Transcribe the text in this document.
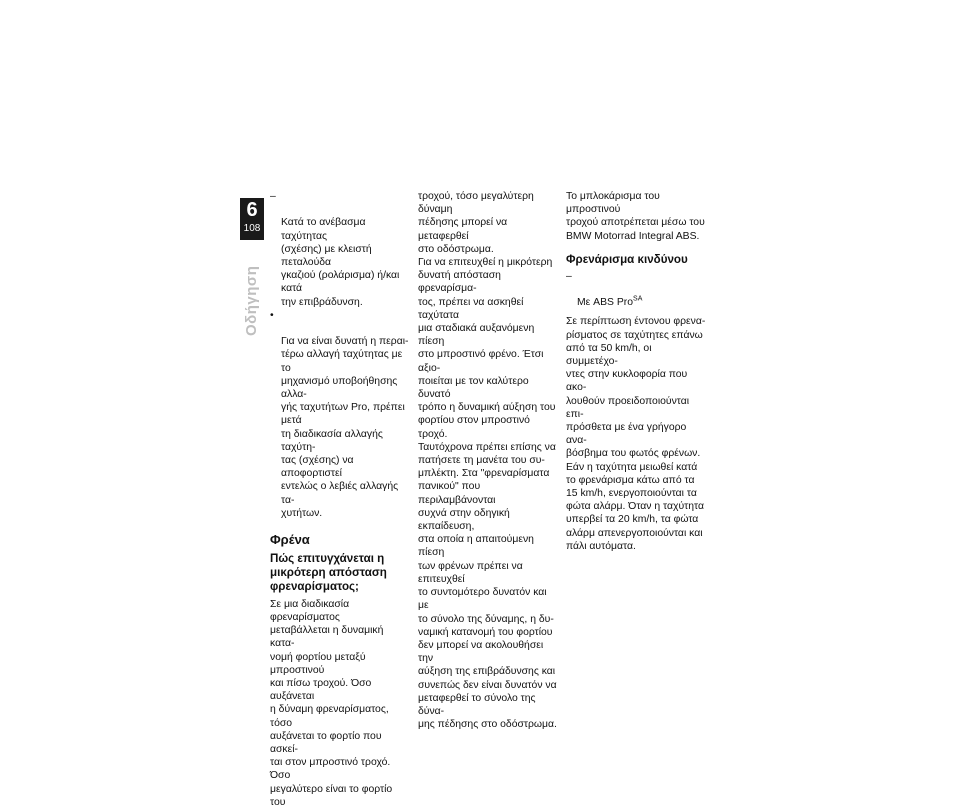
6
108
Οδήγηση

–

Κατά το ανέβασμα ταχύτητας
(σχέσης) με κλειστή πεταλούδα
γκαζιού (ρολάρισμα) ή/και κατά
την επιβράδυνση.

•

Για να είναι δυνατή η περαι-
τέρω αλλαγή ταχύτητας με το
μηχανισμό υποβοήθησης αλλα-
γής ταχυτήτων Pro, πρέπει μετά
τη διαδικασία αλλαγής ταχύτη-
τας (σχέσης) να αποφορτιστεί
εντελώς ο λεβιές αλλαγής τα-
χυτήτων.

Φρένα
Πώς επιτυγχάνεται η
μικρότερη απόσταση
φρεναρίσματος;

Σε μια διαδικασία φρεναρίσματος
μεταβάλλεται η δυναμική κατα-
νομή φορτίου μεταξύ μπροστινού
και πίσω τροχού. Όσο αυξάνεται
η δύναμη φρεναρίσματος, τόσο
αυξάνεται το φορτίο που ασκεί-
ται στον μπροστινό τροχό. Όσο
μεγαλύτερο είναι το φορτίο του

τροχού, τόσο μεγαλύτερη δύναμη
πέδησης μπορεί να μεταφερθεί
στο οδόστρωμα.

Για να επιτευχθεί η μικρότερη
δυνατή απόσταση φρεναρίσμα-
τος, πρέπει να ασκηθεί ταχύτατα
μια σταδιακά αυξανόμενη πίεση
στο μπροστινό φρένο. Έτσι αξιο-
ποιείται με τον καλύτερο δυνατό
τρόπο η δυναμική αύξηση του
φορτίου στον μπροστινό τροχό.
Ταυτόχρονα πρέπει επίσης να
πατήσετε τη μανέτα του συ-
μπλέκτη. Στα "φρεναρίσματα
πανικού" που περιλαμβάνονται
συχνά στην οδηγική εκπαίδευση,
στα οποία η απαιτούμενη πίεση
των φρένων πρέπει να επιτευχθεί
το συντομότερο δυνατόν και με
το σύνολο της δύναμης, η δυ-
ναμική κατανομή του φορτίου
δεν μπορεί να ακολουθήσει την
αύξηση της επιβράδυνσης και
συνεπώς δεν είναι δυνατόν να
μεταφερθεί το σύνολο της δύνα-
μης πέδησης στο οδόστρωμα.

Το μπλοκάρισμα του μπροστινού
τροχού αποτρέπεται μέσω του
BMW Motorrad Integral ABS.

Φρενάρισμα κινδύνου

–

Με ABS Pro$^{SA}$

Σε περίπτωση έντονου φρενα-
ρίσματος σε ταχύτητες επάνω
από τα 50 km/h, οι συμμετέχο-
ντες στην κυκλοφορία που ακο-
λουθούν προειδοποιούνται επι-
πρόσθετα με ένα γρήγορο ανα-
βόσβημα του φωτός φρένων.

Εάν η ταχύτητα μειωθεί κατά
το φρενάρισμα κάτω από τα
15 km/h, ενεργοποιούνται τα
φώτα αλάρμ. Όταν η ταχύτητα
υπερβεί τα 20 km/h, τα φώτα
αλάρμ απενεργοποιούνται και
πάλι αυτόματα.
